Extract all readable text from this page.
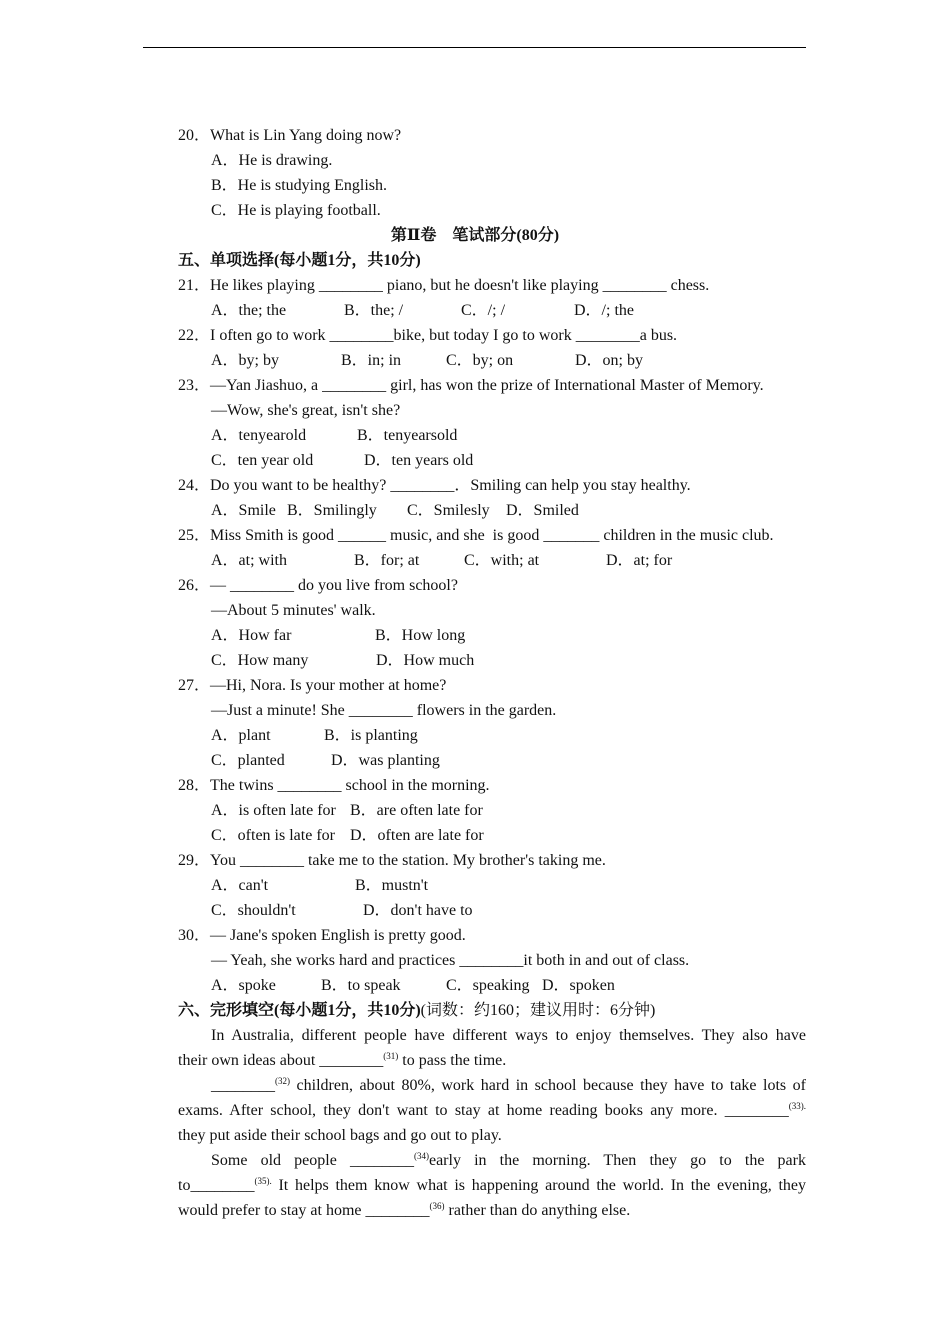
20．What is Lin Yang doing now?
A．He is drawing.
B．He is studying English.
C．He is playing football.
第Ⅱ卷　笔试部分(80分)
五、单项选择(每小题1分，共10分)
21．He likes playing ________ piano, but he doesn't like playing ________ chess.
A．the; the	B．the; /	C．/; /	D．/; the
22．I often go to work ________bike, but today I go to work ________a bus.
A．by; by	B．in; in	C．by; on	D．on; by
23．—Yan Jiashuo, a ________ girl, has won the prize of International Master of Memory.
—Wow, she's great, isn't she?
A．tenyearold	B．tenyearsold
C．ten year old	D．ten years old
24．Do you want to be healthy? ________．Smiling can help you stay healthy.
A．Smile B．Smilingly C．Smilesly D．Smiled
25．Miss Smith is good ______ music, and she  is good _______ children in the music club.
A．at; with	B．for; at	C．with; at	D．at; for
26．— ________ do you live from school?
—About 5 minutes' walk.
A．How far	B．How long
C．How many	D．How much
27．—Hi, Nora. Is your mother at home?
—Just a minute! She ________ flowers in the garden.
A．plant	B．is planting
C．planted	D．was planting
28．The twins ________ school in the morning.
A．is often late for B．are often late for
C．often is late for D．often are late for
29．You ________ take me to the station. My brother's taking me.
A．can't	B．mustn't
C．shouldn't	D．don't have to
30．— Jane's spoken English is pretty good.
— Yeah, she works hard and practices ________it both in and out of class.
A．spoke	B．to speak	C．speaking D．spoken
六、完形填空(每小题1分，共10分)(词数：约160；建议用时：6分钟)
In Australia, different people have different ways to enjoy themselves. They also have
their own ideas about ________$^{(31)}$ to pass the time.
________$^{(32)}$ children, about 80%, work hard in school because they have to take lots of
exams. After school, they don't want to stay at home reading books any more. ________$^{(33).}$
they put aside their school bags and go out to play.
Some old people ________$^{(34)}$early in the morning. Then they go to the park
to________$^{(35).}$ It helps them know what is happening around the world. In the evening, they
would prefer to stay at home ________$^{(36)}$ rather than do anything else.
